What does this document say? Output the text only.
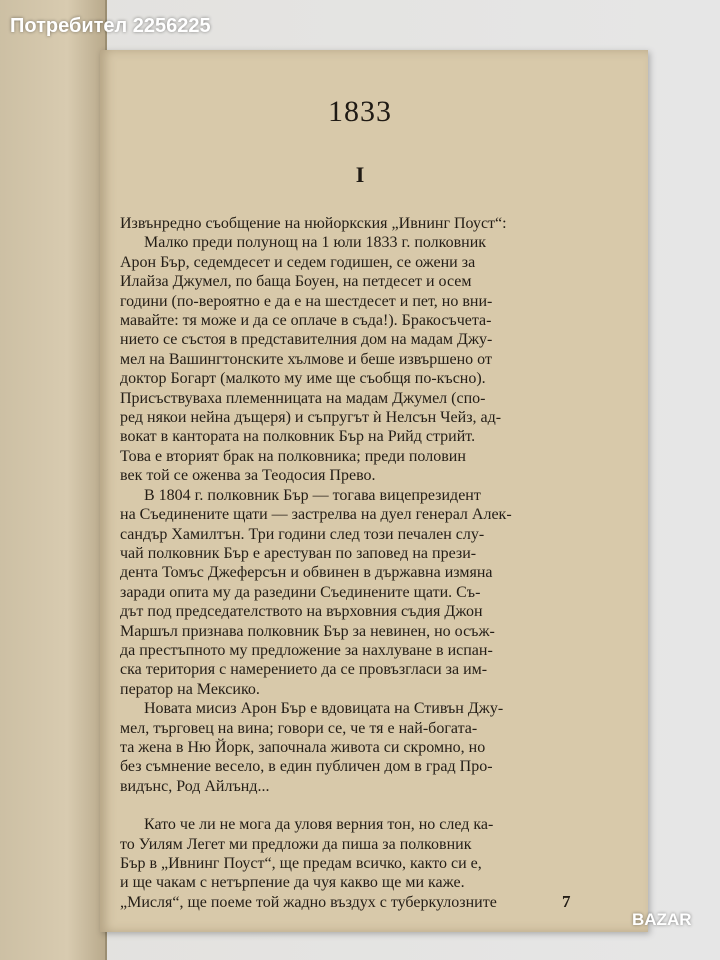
Потребител 2256225
1833
I
Извънредно съобщение на нюйоркския „Ивнинг Поуст“:
Малко преди полунощ на 1 юли 1833 г. полковник
Арон Бър, седемдесет и седем годишен, се ожени за
Илайза Джумел, по баща Боуен, на петдесет и осем
години (по-вероятно е да е на шестдесет и пет, но вни-
мавайте: тя може и да се оплаче в съда!). Бракосъчета-
нието се състоя в представителния дом на мадам Джу-
мел на Вашингтонските хълмове и беше извършено от
доктор Богарт (малкото му име ще съобщя по-късно).
Присъствуваха племенницата на мадам Джумел (спо-
ред някои нейна дъщеря) и съпругът ѝ Нелсън Чейз, ад-
вокат в кантората на полковник Бър на Рийд стрийт.
Това е вторият брак на полковника; преди половин
век той се оженва за Теодосия Прево.
В 1804 г. полковник Бър — тогава вицепрезидент
на Съединените щати — застрелва на дуел генерал Алек-
сандър Хамилтън. Три години след този печален слу-
чай полковник Бър е арестуван по заповед на прези-
дента Томъс Джеферсън и обвинен в държавна измяна
заради опита му да разедини Съединените щати. Съ-
дът под председателството на върховния съдия Джон
Маршъл признава полковник Бър за невинен, но осъж-
да престъпното му предложение за нахлуване в испан-
ска територия с намерението да се провъзгласи за им-
ператор на Мексико.
Новата мисиз Арон Бър е вдовицата на Стивън Джу-
мел, търговец на вина; говори се, че тя е най-богата-
та жена в Ню Йорк, започнала живота си скромно, но
без съмнение весело, в един публичен дом в град Про-
видънс, Род Айлънд...
Като че ли не мога да уловя верния тон, но след ка-
то Уилям Легет ми предложи да пиша за полковник
Бър в „Ивнинг Поуст“, ще предам всичко, както си е,
и ще чакам с нетърпение да чуя какво ще ми каже.
„Мисля“, ще поеме той жадно въздух с туберкулозните	7
BAZAR
